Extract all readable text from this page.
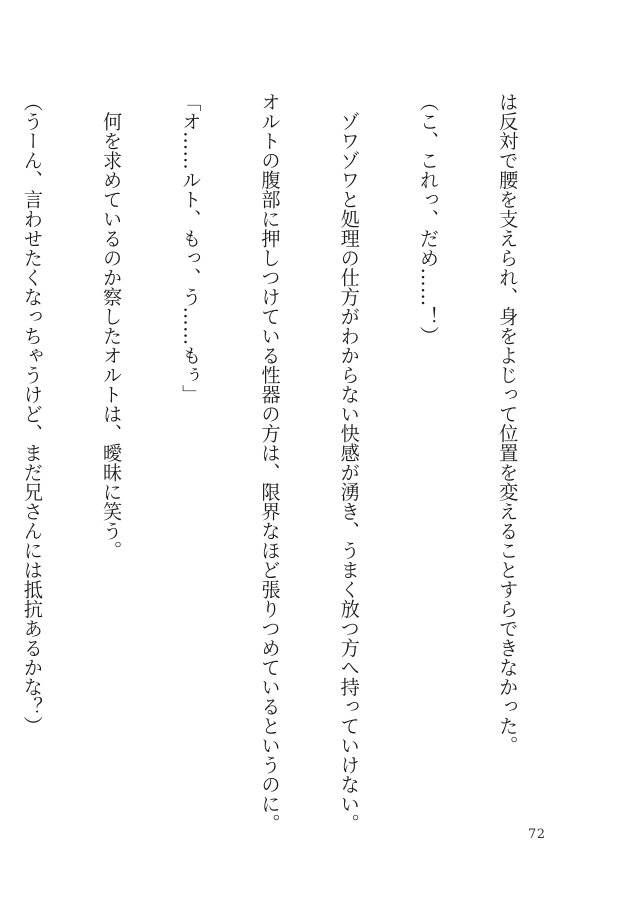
は反対で腰を支えられ、身をよじって位置を変えることすらできなかった。

（こ、これっ、だめ……！）

　ゾワゾワと処理の仕方がわからない快感が湧き、うまく放つ方へ持っていけない。

オルトの腹部に押しつけている性器の方は、限界なほど張りつめているというのに。

「オ……ルト、もっ、う……もぅ」

　何を求めているのか察したオルトは、曖昧に笑う。

（うーん、言わせたくなっちゃうけど、まだ兄さんには抵抗あるかな？）

72
